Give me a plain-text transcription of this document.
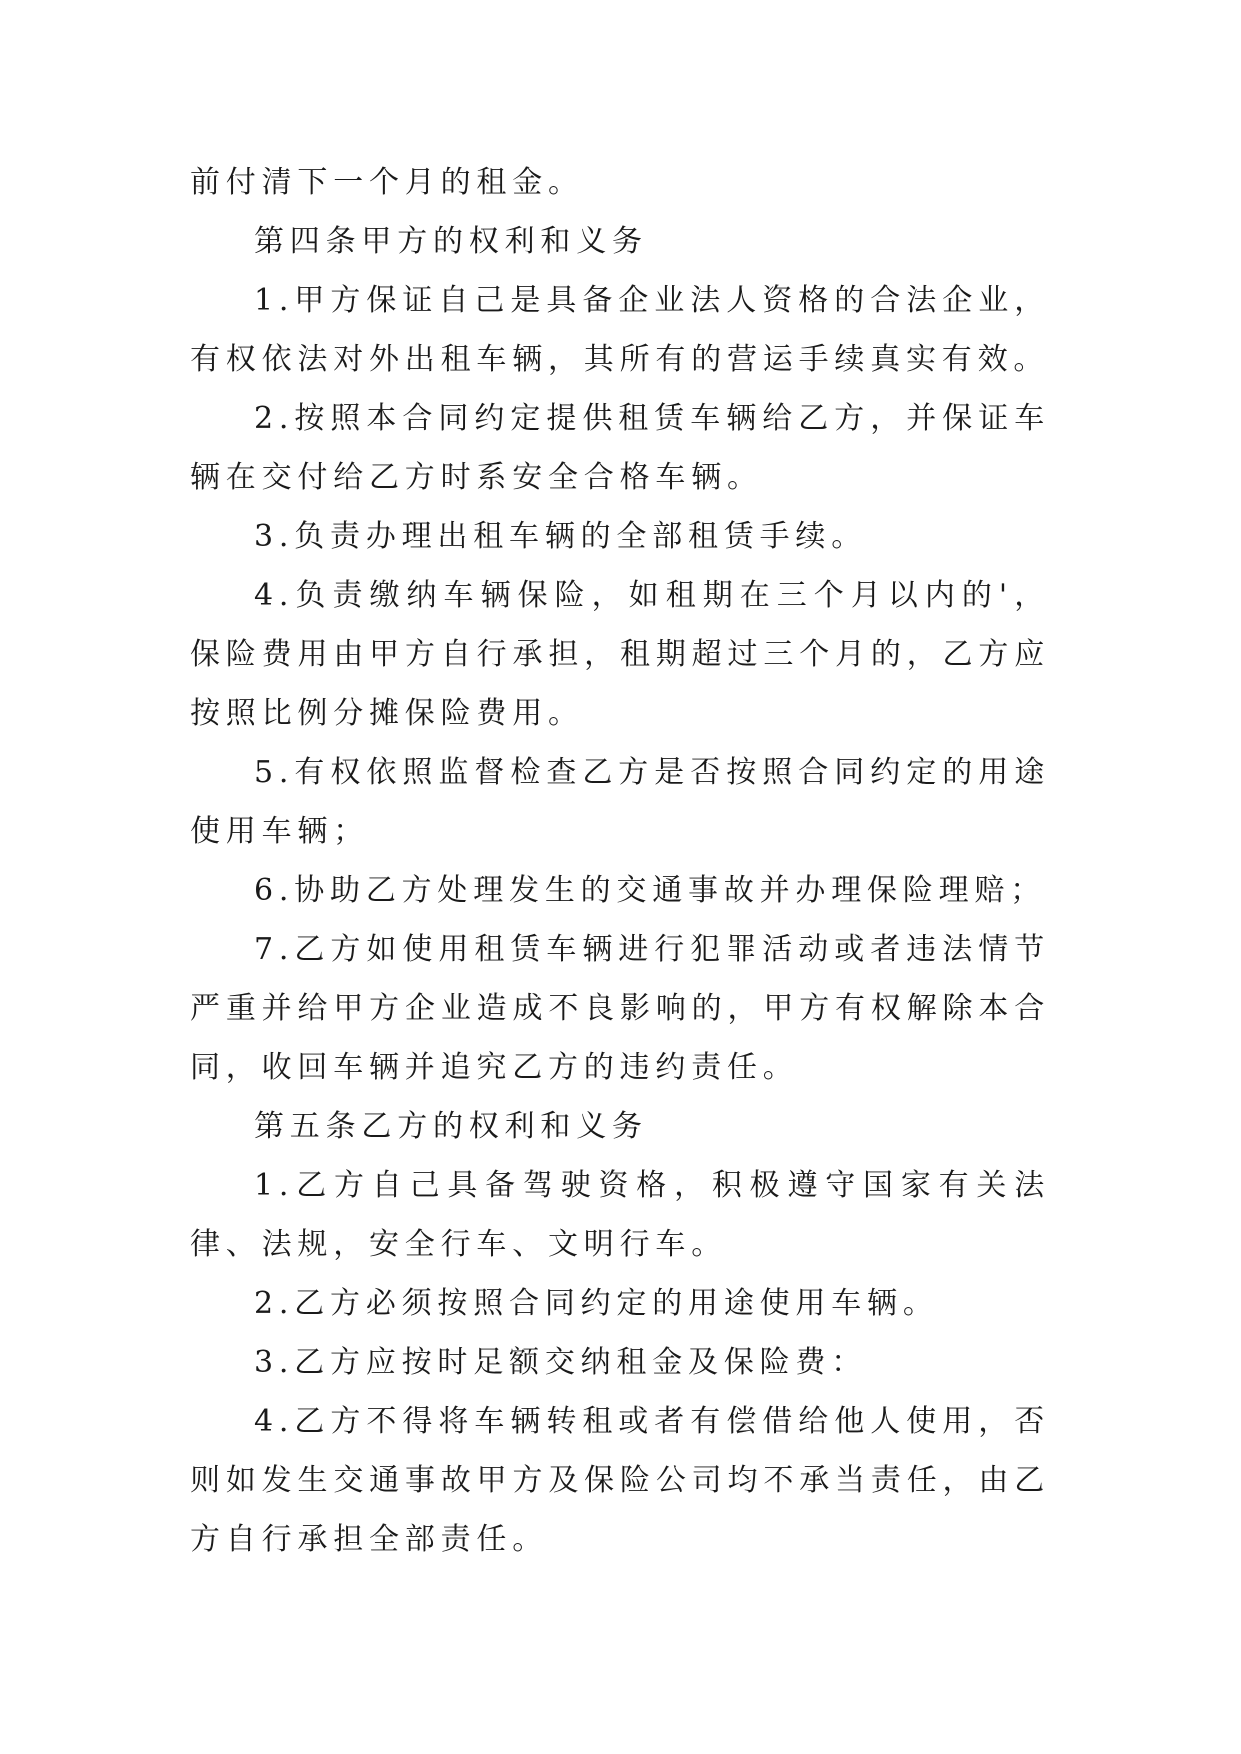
前付清下一个月的租金。

第四条甲方的权利和义务

1.甲方保证自己是具备企业法人资格的合法企业，有权依法对外出租车辆，其所有的营运手续真实有效。

2.按照本合同约定提供租赁车辆给乙方，并保证车辆在交付给乙方时系安全合格车辆。

3.负责办理出租车辆的全部租赁手续。

4.负责缴纳车辆保险，如租期在三个月以内的'，保险费用由甲方自行承担，租期超过三个月的，乙方应按照比例分摊保险费用。

5.有权依照监督检查乙方是否按照合同约定的用途使用车辆；

6.协助乙方处理发生的交通事故并办理保险理赔；

7.乙方如使用租赁车辆进行犯罪活动或者违法情节严重并给甲方企业造成不良影响的，甲方有权解除本合同，收回车辆并追究乙方的违约责任。

第五条乙方的权利和义务

1.乙方自己具备驾驶资格，积极遵守国家有关法律、法规，安全行车、文明行车。

2.乙方必须按照合同约定的用途使用车辆。

3.乙方应按时足额交纳租金及保险费：

4.乙方不得将车辆转租或者有偿借给他人使用，否则如发生交通事故甲方及保险公司均不承当责任，由乙方自行承担全部责任。
